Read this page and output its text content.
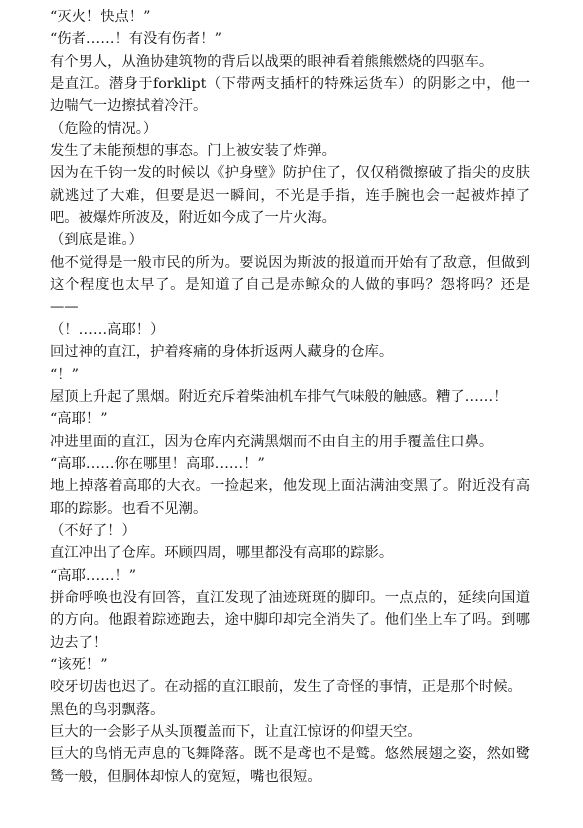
“灭火！快点！”

“伤者……！有没有伤者！”

有个男人，从渔协建筑物的背后以战栗的眼神看着熊熊燃烧的四驱车。

是直江。潜身于forklipt（下带两支插杆的特殊运货车）的阴影之中，他一边喘气一边擦拭着冷汗。

（危险的情况。）

发生了未能预想的事态。门上被安装了炸弹。

因为在千钧一发的时候以《护身壁》防护住了，仅仅稍微擦破了指尖的皮肤就逃过了大难，但要是迟一瞬间，不光是手指，连手腕也会一起被炸掉了吧。被爆炸所波及，附近如今成了一片火海。

（到底是谁。）

他不觉得是一般市民的所为。要说因为斯波的报道而开始有了敌意，但做到这个程度也太早了。是知道了自己是赤鲸众的人做的事吗？怨将吗？还是——

（！……高耶！）

回过神的直江，护着疼痛的身体折返两人藏身的仓库。

“！”

屋顶上升起了黑烟。附近充斥着柴油机车排气气味般的触感。糟了……！

“高耶！”

冲进里面的直江，因为仓库内充满黑烟而不由自主的用手覆盖住口鼻。

“高耶……你在哪里！高耶……！”

地上掉落着高耶的大衣。一捡起来，他发现上面沾满油变黑了。附近没有高耶的踪影。也看不见潮。

（不好了！）

直江冲出了仓库。环顾四周，哪里都没有高耶的踪影。

“高耶……！”

拼命呼唤也没有回答，直江发现了油迹斑斑的脚印。一点点的，延续向国道的方向。他跟着踪迹跑去，途中脚印却完全消失了。他们坐上车了吗。到哪边去了！

“该死！”

咬牙切齿也迟了。在动摇的直江眼前，发生了奇怪的事情，正是那个时候。

黑色的鸟羽飘落。

巨大的一会影子从头顶覆盖而下，让直江惊讶的仰望天空。

巨大的鸟悄无声息的飞舞降落。既不是鸢也不是鹫。悠然展翅之姿，然如鹭鸶一般，但胴体却惊人的宽短，嘴也很短。
